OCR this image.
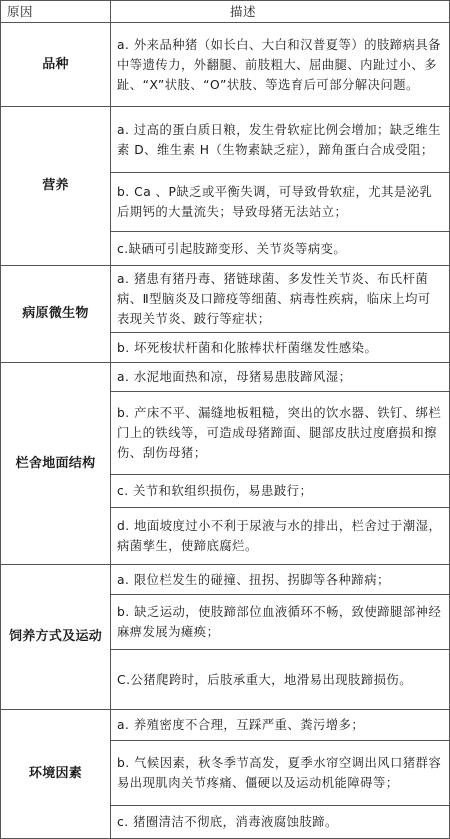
原因	描述
品种	a. 外来品种猪（如长白、大白和汉普夏等）的肢蹄病具备中等遗传力，外翻腿、前肢粗大、屈曲腿、内趾过小、多趾、“X”状肢、“O”状肢、等选育后可部分解决问题。
营养	a. 过高的蛋白质日粮，发生骨软症比例会增加；缺乏维生素 D、维生素 H（生物素缺乏症），蹄角蛋白合成受阻；
	b. Ca 、P缺乏或平衡失调，可导致骨软症，尤其是泌乳后期钙的大量流失；导致母猪无法站立；
	c.缺硒可引起肢蹄变形、关节炎等病变。
病原微生物	a. 猪患有猪丹毒、猪链球菌、多发性关节炎、布氏杆菌病、Ⅱ型脑炎及口蹄疫等细菌、病毒性疾病，临床上均可表现关节炎、跛行等症状；
	b. 坏死梭状杆菌和化脓棒状杆菌继发性感染。
栏舍地面结构	a. 水泥地面热和凉，母猪易患肢蹄风湿；
	b. 产床不平、漏缝地板粗糙，突出的饮水器、铁钉、绑栏门上的铁线等，可造成母猪蹄面、腿部皮肤过度磨损和擦伤、刮伤母猪；
	c. 关节和软组织损伤，易患跛行；
	d. 地面坡度过小不利于尿液与水的排出，栏舍过于潮湿，病菌孳生，使蹄底腐烂。
饲养方式及运动	a. 限位栏发生的碰撞、扭拐、拐脚等各种蹄病；
	b. 缺乏运动，使肢蹄部位血液循环不畅，致使蹄腿部神经麻痹发展为瘫痪；
	C.公猪爬跨时，后肢承重大，地滑易出现肢蹄损伤。
环境因素	a. 养殖密度不合理，互踩严重、粪污增多；
	b. 气候因素，秋冬季节高发，夏季水帘空调出风口猪群容易出现肌肉关节疼痛、僵硬以及运动机能障碍等；
	c. 猪圈清洁不彻底，消毒液腐蚀肢蹄。
